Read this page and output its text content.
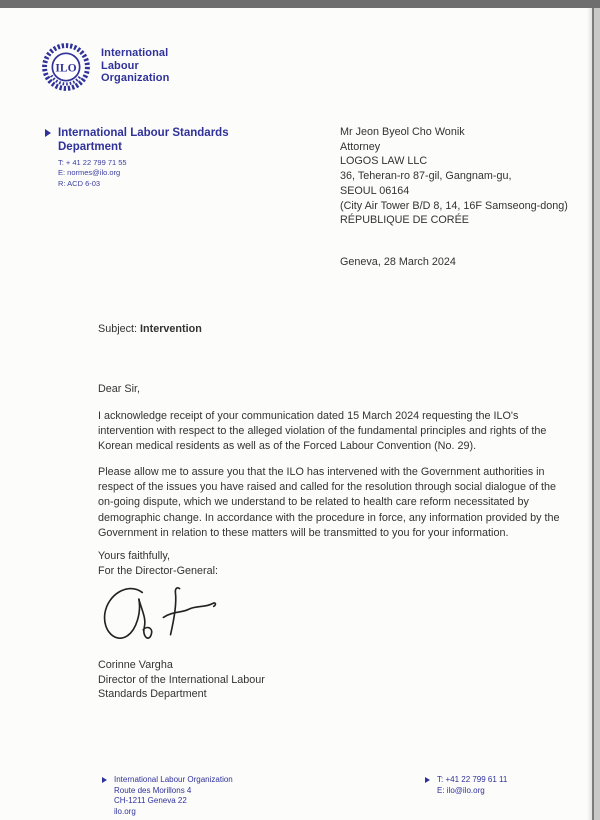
ILO
International
Labour
Organization
International Labour Standards
Department
T: + 41 22 799 71 55
E: normes@ilo.org
R: ACD 6-03
Mr Jeon Byeol Cho Wonik
Attorney
LOGOS LAW LLC
36, Teheran-ro 87-gil, Gangnam-gu,
SEOUL 06164
(City Air Tower B/D 8, 14, 16F Samseong-dong)
RÉPUBLIQUE DE CORÉE
Geneva, 28 March 2024
Subject: Intervention
Dear Sir,
I acknowledge receipt of your communication dated 15 March 2024 requesting the ILO's intervention with respect to the alleged violation of the fundamental principles and rights of the Korean medical residents as well as of the Forced Labour Convention (No. 29).
Please allow me to assure you that the ILO has intervened with the Government authorities in respect of the issues you have raised and called for the resolution through social dialogue of the on-going dispute, which we understand to be related to health care reform necessitated by demographic change. In accordance with the procedure in force, any information provided by the Government in relation to these matters will be transmitted to you for your information.
Yours faithfully,
For the Director-General:
Corinne Vargha
Director of the International Labour
Standards Department
International Labour Organization
Route des Morillons 4
CH-1211 Geneva 22
ilo.org
T: +41 22 799 61 11
E: ilo@ilo.org
